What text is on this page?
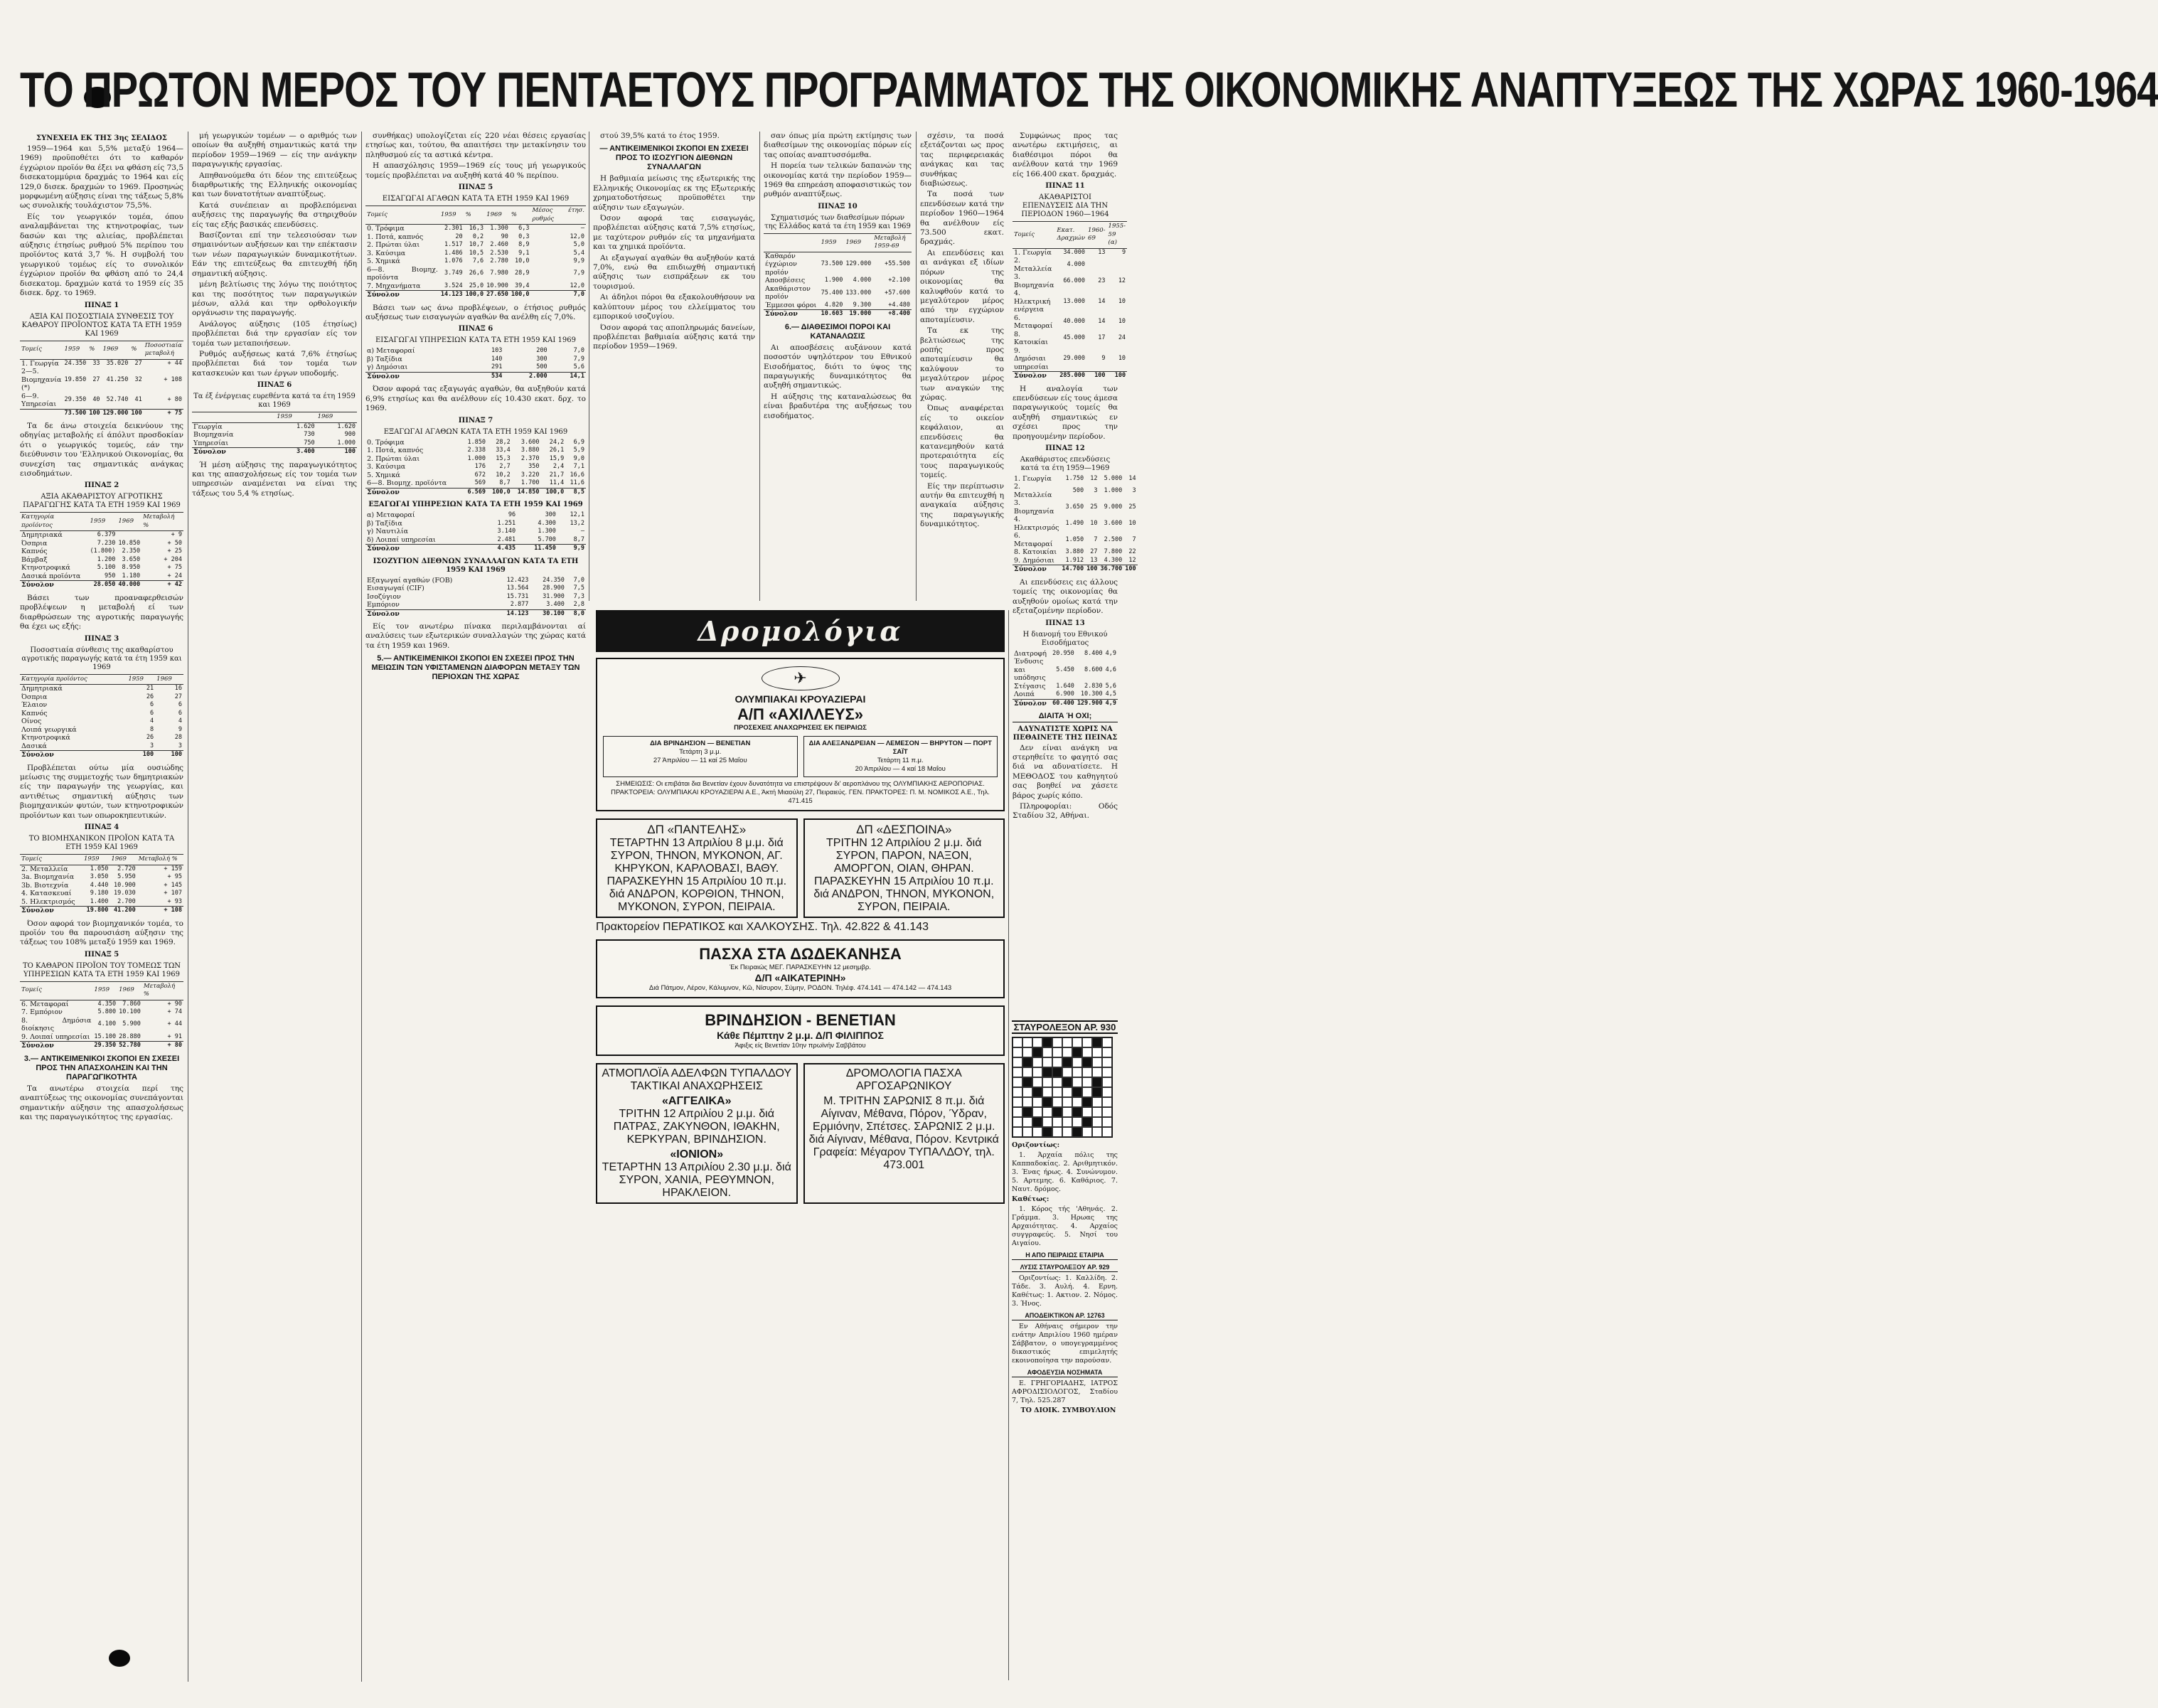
ΤΟ ΠΡΩΤΟΝ ΜΕΡΟΣ ΤΟΥ ΠΕΝΤΑΕΤΟΥΣ ΠΡΟΓΡΑΜΜΑΤΟΣ ΤΗΣ ΟΙΚΟΝΟΜΙΚΗΣ ΑΝΑΠΤΥΞΕΩΣ ΤΗΣ ΧΩΡΑΣ 1960-1964
ΣΥΝΕΧΕΙΑ ΕΚ ΤΗΣ 3ης ΣΕΛΙΔΟΣ

1959—1964 και 5,5% μεταξύ 1964—1969) προϋποθέτει ότι το καθαρόν έγχώριον προϊόν θα έξει να φθάση είς 73,5 δισεκατομμύρια δραχμάς το 1964 και είς 129,0 δισεκ. δραχμών το 1969. Προσηνώς μορφωμένη αύξησις είναι της τάξεως 5,8% ως συνολικής τουλάχιστον 75,5%.

Είς τον γεωργικόν τομέα, όπου αναλαμβάνεται της κτηνοτροφίας, των δασών και της αλιείας, προβλέπεται αύξησις έτησίως ρυθμού 5% περίπου του προϊόντος κατά 3,7 %. Η συμβολή του γεωργικού τομέως είς το συνολικόν έγχώριον προϊόν θα φθάση από το 24,4 δισεκατομ. δραχμών κατά το 1959 είς 35 δισεκ. δρχ. το 1969.

ΠΙΝΑΞ 1
ΑΞΙΑ ΚΑΙ ΠΟΣΟΣΤΙΑΙΑ ΣΥΝΘΕΣΙΣ ΤΟΥ ΚΑΘΑΡΟΥ ΠΡΟΪΟΝΤΟΣ ΚΑΤΑ ΤΑ ΕΤΗ 1959 ΚΑΙ 1969
Τομείς	1959	%	1969	%	Ποσοστιαία μεταβολή
1. Γεωργία	24.350	33	35.020	27	+ 44
2—5. Βιομηχανία (*)	19.850	27	41.250	32	+ 108
6—9. Υπηρεσίαι	29.350	40	52.740	41	+ 80
	73.500	100	129.000	100	+ 75

Τα δε άνω στοιχεία δεικνύουν της οδηγίας μεταβολής εί άπόλυτ προσδοκίαν ότι ο γεωργικός τομεύς, εάν την διεύθυνσιν του 'Ελληνικού Οικονομίας, θα συνεχίση τας σημαντικάς ανάγκας εισοδημάτων.

ΠΙΝΑΞ 2
ΑΞΙΑ ΑΚΑΘΑΡΙΣΤΟΥ ΑΓΡΟΤΙΚΗΣ ΠΑΡΑΓΩΓΗΣ ΚΑΤΑ ΤΑ ΕΤΗ 1959 ΚΑΙ 1969
Κατηγορία προϊόντος	1959	1969	Μεταβολή %
Δημητριακά	6.379		+ 9
Όσπρια	7.230	10.850	+ 50
Καπνός	(1.800)	2.350	+ 25
Βάμβαξ	1.200	3.650	+ 204
Κτηνοτροφικά	5.100	8.950	+ 75
Δασικά προϊόντα	950	1.180	+ 24
Σύνολον	28.050	40.000	+ 42

Βάσει των προαναφερθεισών προβλέψεων η μεταβολή εί των διαρθρώσεων της αγροτικής παραγωγής θα έχει ως εξής:

ΠΙΝΑΞ 3
Ποσοστιαία σύνθεσις της ακαθαρίστου αγροτικής παραγωγής κατά τα έτη 1959 και 1969
Κατηγορία προϊόντος	1959	1969
Δημητριακά	21	16
Όσπρια	26	27
Έλαιον	6	6
Καπνός	6	6
Οίνος	4	4
Λοιπά γεωργικά	8	9
Κτηνοτροφικά	26	28
Δασικά	3	3
Σύνολον	100	100

Προβλέπεται ούτω μία ουσιώδης μείωσις της συμμετοχής των δημητριακών είς την παραγωγήν της γεωργίας, και αντιθέτως σημαντική αύξησις των βιομηχανικών φυτών, των κτηνοτροφικών προϊόντων και των οπωροκηπευτικών.

ΠΙΝΑΞ 4
ΤΟ ΒΙΟΜΗΧΑΝΙΚΟΝ ΠΡΟΪΟΝ ΚΑΤΑ ΤΑ ΕΤΗ 1959 ΚΑΙ 1969
Τομείς	1959	1969	Μεταβολή %
2. Μεταλλεία	1.050	2.720	+ 159
3a. Βιομηχανία	3.050	5.950	+ 95
3b. Βιοτεχνία	4.440	10.900	+ 145
4. Κατασκευαί	9.180	19.030	+ 107
5. Ηλεκτρισμός	1.400	2.700	+ 93
Σύνολον	19.800	41.200	+ 108

Όσον αφορά τον βιομηχανικόν τομέα, το προϊόν του θα παρουσιάση αύξησιν της τάξεως του 108% μεταξύ 1959 και 1969.

ΠΙΝΑΞ 5
ΤΟ ΚΑΘΑΡΟΝ ΠΡΟΪΟΝ ΤΟΥ ΤΟΜΕΩΣ ΤΩΝ ΥΠΗΡΕΣΙΩΝ ΚΑΤΑ ΤΑ ΕΤΗ 1959 ΚΑΙ 1969
Τομείς	1959	1969	Μεταβολή %
6. Μεταφοραί	4.350	7.860	+ 90
7. Εμπόριον	5.800	10.100	+ 74
8. Δημόσια διοίκησις	4.100	5.900	+ 44
9. Λοιπαί υπηρεσίαι	15.100	28.880	+ 91
Σύνολον	29.350	52.780	+ 80
3.— ΑΝΤΙΚΕΙΜΕΝΙΚΟΙ ΣΚΟΠΟΙ ΕΝ ΣΧΕΣΕΙ ΠΡΟΣ ΤΗΝ ΑΠΑΣΧΟΛΗΣΙΝ ΚΑΙ ΤΗΝ ΠΑΡΑΓΩΓΙΚΟΤΗΤΑ

Τα ανωτέρω στοιχεία περί της αναπτύξεως της οικονομίας συνεπάγονται σημαντικήν αύξησιν της απασχολήσεως και της παραγωγικότητος της εργασίας.

μή γεωργικών τομέων — ο αριθμός των οποίων θα αυξηθή σημαντικώς κατά την περίοδον 1959—1969 — είς την ανάγκην παραγωγικής εργασίας.

Απηθανούμεθα ότι δέον της επιτεύξεως διαρθρωτικής της Ελληνικής οικονομίας και των δυνατοτήτων αναπτύξεως.

Κατά συνέπειαν αι προβλεπόμεναι αυξήσεις της παραγωγής θα στηριχθούν είς τας εξής βασικάς επενδύσεις.

Βασίζονται επί την τελεσιούσαν των σημαινόντων αυξήσεων και την επέκτασιν των νέων παραγωγικών δυναμικοτήτων. Εάν της επιτεύξεως θα επιτευχθή ήδη σημαντική αύξησις.

μένη βελτίωσις της λόγω της ποιότητος και της ποσότητος των παραγωγικών μέσων, αλλά και την ορθολογικήν οργάνωσιν της παραγωγής.

Ανάλογος αύξησις (105 έτησίως) προβλέπεται διά την εργασίαν είς τον τομέα των μεταποιήσεων.

Ρυθμός αυξήσεως κατά 7,6% έτησίως προβλέπεται διά τον τομέα των κατασκευών και των έργων υποδομής.

ΠΙΝΑΞ 6
Τα έξ ένέργειας ευρεθέντα κατά τα έτη 1959 και 1969
	1959	1969
Γεωργία	1.620	1.620
Βιομηχανία	730	900
Υπηρεσίαι	750	1.000
Σύνολον	3.400	100

Ή μέση αύξησις της παραγωγικότητος και της απασχολήσεως είς τον τομέα των υπηρεσιών αναμένεται να είναι της τάξεως του 5,4 % ετησίως.

συνθήκας) υπολογίζεται είς 220 νέαι θέσεις εργασίας ετησίως και, τούτου, θα απαιτήσει την μετακίνησιν του πληθυσμού είς τα αστικά κέντρα.

Η απασχόλησις 1959—1969 είς τους μή γεωργικούς τομείς προβλέπεται να αυξηθή κατά 40 % περίπου.

ΠΙΝΑΞ 5
ΕΙΣΑΓΩΓΑΙ ΑΓΑΘΩΝ ΚΑΤΑ ΤΑ ΕΤΗ 1959 ΚΑΙ 1969
Τομείς	1959	%	1969	%	Μέσος έτησ. ρυθμός
0. Τρόφιμα	2.301	16,3	1.300	6,3	—
1. Ποτά, καπνός	20	0,2	90	0,3	12,0
2. Πρώται ύλαι	1.517	10,7	2.460	8,9	5,0
3. Καύσιμα	1.486	10,5	2.530	9,1	5,4
5. Χημικά	1.076	7,6	2.780	10,0	9,9
6—8. Βιομηχ. προϊόντα	3.749	26,6	7.980	28,9	7,9
7. Μηχανήματα	3.524	25,0	10.900	39,4	12,0
Σύνολον	14.123	100,0	27.650	100,0	7,0

Βάσει των ως άνω προβλέψεων, ο έτήσιος ρυθμός αυξήσεως των εισαγωγών αγαθών θα ανέλθη είς 7,0%.

ΠΙΝΑΞ 6
ΕΙΣΑΓΩΓΑΙ ΥΠΗΡΕΣΙΩΝ ΚΑΤΑ ΤΑ ΕΤΗ 1959 ΚΑΙ 1969
α) Μεταφοραί	103	200	7,0
β) Ταξίδια	140	300	7,9
γ) Δημόσιαι	291	500	5,6
Σύνολον	534	2.000	14,1

Όσον αφορά τας εξαγωγάς αγαθών, θα αυξηθούν κατά 6,9% ετησίως και θα ανέλθουν είς 10.430 εκατ. δρχ. το 1969.

ΠΙΝΑΞ 7
ΕΞΑΓΩΓΑΙ ΑΓΑΘΩΝ ΚΑΤΑ ΤΑ ΕΤΗ 1959 ΚΑΙ 1969
0. Τρόφιμα	1.850	28,2	3.600	24,2	6,9
1. Ποτά, καπνός	2.338	33,4	3.880	26,1	5,9
2. Πρώται ύλαι	1.000	15,3	2.370	15,9	9,0
3. Καύσιμα	176	2,7	350	2,4	7,1
5. Χημικά	672	10,2	3.220	21,7	16,6
6—8. Βιομηχ. προϊόντα	569	8,7	1.700	11,4	11,6
Σύνολον	6.569	100,0	14.850	100,0	8,5
ΕΞΑΓΩΓΑΙ ΥΠΗΡΕΣΙΩΝ ΚΑΤΑ ΤΑ ΕΤΗ 1959 ΚΑΙ 1969
α) Μεταφοραί	96	300	12,1
β) Ταξίδια	1.251	4.300	13,2
γ) Ναυτιλία	3.140	1.300	—
δ) Λοιπαί υπηρεσίαι	2.481	5.700	8,7
Σύνολον	4.435	11.450	9,9
ΙΣΟΖΥΓΙΟΝ ΔΙΕΘΝΩΝ ΣΥΝΑΛΛΑΓΩΝ ΚΑΤΑ ΤΑ ΕΤΗ 1959 ΚΑΙ 1969
Εξαγωγαί αγαθών (FOB)	12.423	24.350	7,0
Εισαγωγαί (CIF)	13.564	28.900	7,5
Ισοζύγιον	15.731	31.900	7,3
Εμπόριον	2.877	3.400	2,8
Σύνολον	14.123	30.100	8,0

Είς τον ανωτέρω πίνακα περιλαμβάνονται αί αναλύσεις των εξωτερικών συναλλαγών της χώρας κατά τα έτη 1959 και 1969.

5.— ΑΝΤΙΚΕΙΜΕΝΙΚΟΙ ΣΚΟΠΟΙ ΕΝ ΣΧΕΣΕΙ ΠΡΟΣ ΤΗΝ ΜΕΙΩΣΙΝ ΤΩΝ ΥΦΙΣΤΑΜΕΝΩΝ ΔΙΑΦΟΡΩΝ ΜΕΤΑΞΥ ΤΩΝ ΠΕΡΙΟΧΩΝ ΤΗΣ ΧΩΡΑΣ

στού 39,5% κατά το έτος 1959.

— ΑΝΤΙΚΕΙΜΕΝΙΚΟΙ ΣΚΟΠΟΙ ΕΝ ΣΧΕΣΕΙ ΠΡΟΣ ΤΟ ΙΣΟΖΥΓΙΟΝ ΔΙΕΘΝΩΝ ΣΥΝΑΛΛΑΓΩΝ

Η βαθμιαία μείωσις της εξωτερικής της Ελληνικής Οικονομίας εκ της Εξωτερικής χρηματοδοτήσεως προϋποθέτει την αύξησιν των εξαγωγών.

Όσον αφορά τας εισαγωγάς, προβλέπεται αύξησις κατά 7,5% ετησίως, με ταχύτερον ρυθμόν είς τα μηχανήματα και τα χημικά προϊόντα.

Αι εξαγωγαί αγαθών θα αυξηθούν κατά 7,0%, ενώ θα επιδιωχθή σημαντική αύξησις των εισπράξεων εκ του τουρισμού.

Αι άδηλοι πόροι θα εξακολουθήσουν να καλύπτουν μέρος του ελλείμματος του εμπορικού ισοζυγίου.

Όσον αφορά τας αποπληρωμάς δανείων, προβλέπεται βαθμιαία αύξησις κατά την περίοδον 1959—1969.

σαν όπως μία πρώτη εκτίμησις των διαθεσίμων της οικονομίας πόρων είς τας οποίας αναπτυσσόμεθα.

Η πορεία των τελικών δαπανών της οικονομίας κατά την περίοδον 1959—1969 θα επηρεάση αποφασιστικώς τον ρυθμόν αναπτύξεως.

ΠΙΝΑΞ 10
Σχηματισμός των διαθεσίμων πόρων της Ελλάδος κατά τα έτη 1959 και 1969
	1959	1969	Μεταβολή 1959-69
Καθαρόν έγχώριον προϊόν	73.500	129.000	+55.500
Αποσβέσεις	1.900	4.000	+2.100
Ακαθάριστον προϊόν	75.400	133.000	+57.600
Έμμεσοι φόροι	4.820	9.300	+4.480
Σύνολον	10.603	19.000	+8.400
6.— ΔΙΑΘΕΣΙΜΟΙ ΠΟΡΟΙ ΚΑΙ ΚΑΤΑΝΑΛΩΣΙΣ

Αι αποσβέσεις αυξάνουν κατά ποσοστόν υψηλότερον του Εθνικού Εισοδήματος, διότι το ύψος της παραγωγικής δυναμικότητος θα αυξηθή σημαντικώς.

Η αύξησις της καταναλώσεως θα είναι βραδυτέρα της αυξήσεως του εισοδήματος.

σχέσιν, τα ποσά εξετάζονται ως προς τας περιφερειακάς ανάγκας και τας συνθήκας διαβιώσεως.

Τα ποσά των επενδύσεων κατά την περίοδον 1960—1964 θα ανέλθουν είς 73.500 εκατ. δραχμάς.

Αι επενδύσεις και αι ανάγκαι εξ ιδίων πόρων της οικονομίας θα καλυφθούν κατά το μεγαλύτερον μέρος από την εγχώριον αποταμίευσιν.

Τα εκ της βελτιώσεως της ροπής προς αποταμίευσιν θα καλύψουν το μεγαλύτερον μέρος των αναγκών της χώρας.

Όπως αναφέρεται είς το οικείον κεφάλαιον, αι επενδύσεις θα κατανεμηθούν κατά προτεραιότητα είς τους παραγωγικούς τομείς.

Είς την περίπτωσιν αυτήν θα επιτευχθή η αναγκαία αύξησις της παραγωγικής δυναμικότητος.

Συμφώνως προς τας ανωτέρω εκτιμήσεις, αι διαθέσιμοι πόροι θα ανέλθουν κατά την 1969 είς 166.400 εκατ. δραχμάς.

ΠΙΝΑΞ 11
ΑΚΑΘΑΡΙΣΤΟΙ ΕΠΕΝΔΥΣΕΙΣ ΔΙΑ ΤΗΝ ΠΕΡΙΟΔΟΝ 1960—1964
Τομείς	Εκατ. Δραχμών	1960-69	1955-59 (α)
1. Γεωργία	34.000	13	9
2. Μεταλλεία	4.000		
3. Βιομηχανία	66.000	23	12
4. Ηλεκτρική ενέργεια	13.000	14	10
6. Μεταφοραί	40.000	14	10
8. Κατοικίαι	45.000	17	24
9. Δημόσιαι υπηρεσίαι	29.000	9	10
Σύνολον	285.000	100	100

Η αναλογία των επενδύσεων είς τους άμεσα παραγωγικούς τομείς θα αυξηθή σημαντικώς εν σχέσει προς την προηγουμένην περίοδον.

ΠΙΝΑΞ 12
Ακαθάριστος επενδύσεις κατά τα έτη 1959—1969
1. Γεωργία	1.750	12	5.000	14
2. Μεταλλεία	500	3	1.000	3
3. Βιομηχανία	3.650	25	9.000	25
4. Ηλεκτρισμός	1.490	10	3.600	10
6. Μεταφοραί	1.050	7	2.500	7
8. Κατοικίαι	3.880	27	7.800	22
9. Δημόσιαι	1.912	13	4.300	12
Σύνολον	14.700	100	36.700	100

Αι επενδύσεις εις άλλους τομείς της οικονομίας θα αυξηθούν ομοίως κατά την εξεταζομένην περίοδον.

ΠΙΝΑΞ 13
Η διανομή του Εθνικού Εισοδήματος
Διατροφή	20.950	8.400	4,9
Ένδυσις και υπόδησις	5.450	8.600	4,6
Στέγασις	1.640	2.830	5,6
Λοιπά	6.900	10.300	4,5
Σύνολον	60.400	129.900	4,9
ΔΙΑΙΤΑ Ή ΟΧΙ;
ΑΔΥΝΑΤΙΣΤΕ ΧΩΡΙΣ ΝΑ ΠΕΘΑΙΝΕΤΕ ΤΗΣ ΠΕΙΝΑΣ

Δεν είναι ανάγκη να στερηθείτε το φαγητό σας διά να αδυνατίσετε. Η ΜΕΘΟΔΟΣ του καθηγητού σας βοηθεί να χάσετε βάρος χωρίς κόπο.

Πληροφορίαι: Οδός Σταδίου 32, Αθήναι.

Δρομολόγια
✈
ΟΛΥΜΠΙΑΚΑΙ ΚΡΟΥΑΖΙΕΡΑΙ
Α/Π «ΑΧΙΛΛΕΥΣ»
ΠΡΟΣΕΧΕΙΣ ΑΝΑΧΩΡΗΣΕΙΣ ΕΚ ΠΕΙΡΑΙΩΣ
ΔΙΑ ΒΡΙΝΔΗΣΙΟΝ — ΒΕΝΕΤΙΑΝ
Τετάρτη 3 μ.μ.
27 Άπριλίου — 11 καί 25 Μαΐου
ΔΙΑ ΑΛΕΞΑΝΔΡΕΙΑΝ — ΛΕΜΕΣΟΝ — ΒΗΡΥΤΟΝ — ΠΟΡΤ ΣΑΪΤ
Τετάρτη 11 π.μ.
20 Άπριλίου — 4 καί 18 Μαΐου
ΣΗΜΕΙΩΣΙΣ: Οι επιβάται δια Βενετίαν έχουν δυνατότητα να επιστρέψουν δι' αεροπλάνου της ΟΛΥΜΠΙΑΚΗΣ ΑΕΡΟΠΟΡΙΑΣ.
ΠΡΑΚΤΟΡΕΙΑ: ΟΛΥΜΠΙΑΚΑΙ ΚΡΟΥΑΖΙΕΡΑΙ Α.Ε., Άκτή Μιαούλη 27, Πειραιεύς. ΓΕΝ. ΠΡΑΚΤΟΡΕΣ: Π. Μ. ΝΟΜΙΚΟΣ Α.Ε., Τηλ. 471.415
ΔΠ «ΠΑΝΤΕΛΗΣ»
ΤΕΤΑΡΤΗΝ 13 Απριλίου 8 μ.μ. διά ΣΥΡΟΝ, ΤΗΝΟΝ, ΜΥΚΟΝΟΝ, ΑΓ. ΚΗΡΥΚΟΝ, ΚΑΡΛΟΒΑΣΙ, ΒΑΘΥ. ΠΑΡΑΣΚΕΥΗΝ 15 Απριλίου 10 π.μ. διά ΑΝΔΡΟΝ, ΚΟΡΘΙΟΝ, ΤΗΝΟΝ, ΜΥΚΟΝΟΝ, ΣΥΡΟΝ, ΠΕΙΡΑΙΑ.
ΔΠ «ΔΕΣΠΟΙΝΑ»
ΤΡΙΤΗΝ 12 Απριλίου 2 μ.μ. διά ΣΥΡΟΝ, ΠΑΡΟΝ, ΝΑΞΟΝ, ΑΜΟΡΓΟΝ, ΟΙΑΝ, ΘΗΡΑΝ. ΠΑΡΑΣΚΕΥΗΝ 15 Απριλίου 10 π.μ. διά ΑΝΔΡΟΝ, ΤΗΝΟΝ, ΜΥΚΟΝΟΝ, ΣΥΡΟΝ, ΠΕΙΡΑΙΑ.
Πρακτορείον ΠΕΡΑΤΙΚΟΣ και ΧΑΛΚΟΥΣΗΣ. Τηλ. 42.822 & 41.143
ΠΑΣΧΑ ΣΤΑ ΔΩΔΕΚΑΝΗΣΑ
Έκ Πειραιώς ΜΕΓ. ΠΑΡΑΣΚΕΥΗΝ 12 μεσημβρ.
Δ/Π «ΑΙΚΑΤΕΡΙΝΗ»
Διά Πάτμον, Λέρον, Κάλυμνον, Κῶ, Νίσυρον, Σύμην, ΡΟΔΟΝ. Τηλέφ. 474.141 — 474.142 — 474.143
ΒΡΙΝΔΗΣΙΟΝ - ΒΕΝΕΤΙΑΝ
Κάθε Πέμπτην 2 μ.μ. Δ/Π ΦΙΛΙΠΠΟΣ
Άφιξις είς Βενετίαν 10ην πρωϊνήν Σαββάτου
ΑΤΜΟΠΛΟΪΑ ΑΔΕΛΦΩΝ ΤΥΠΑΛΔΟΥ
ΤΑΚΤΙΚΑΙ ΑΝΑΧΩΡΗΣΕΙΣ
«ΑΓΓΕΛΙΚΑ»
ΤΡΙΤΗΝ 12 Απριλίου 2 μ.μ. διά ΠΑΤΡΑΣ, ΖΑΚΥΝΘΟΝ, ΙΘΑΚΗΝ, ΚΕΡΚΥΡΑΝ, ΒΡΙΝΔΗΣΙΟΝ.
«ΙΟΝΙΟΝ»
ΤΕΤΑΡΤΗΝ 13 Απριλίου 2.30 μ.μ. διά ΣΥΡΟΝ, ΧΑΝΙΑ, ΡΕΘΥΜΝΟΝ, ΗΡΑΚΛΕΙΟΝ.
ΔΡΟΜΟΛΟΓΙΑ ΠΑΣΧΑ ΑΡΓΟΣΑΡΩΝΙΚΟΥ
Μ. ΤΡΙΤΗΝ ΣΑΡΩΝΙΣ 8 π.μ. διά Αίγιναν, Μέθανα, Πόρον, Ύδραν, Ερμιόνην, Σπέτσες. ΣΑΡΩΝΙΣ 2 μ.μ. διά Αίγιναν, Μέθανα, Πόρον. Κεντρικά Γραφεία: Μέγαρον ΤΥΠΑΛΔΟΥ, τηλ. 473.001
ΣΤΑΥΡΟΛΕΞΟΝ ΑΡ. 930

Οριζοντίως:

1. Άρχαία πόλις της Καππαδοκίας. 2. Αριθμητικόν. 3. Ένας ήρως. 4. Συνώνυμον. 5. Αρτεμης. 6. Καθάριος. 7. Ναυτ. δρόμος.

Καθέτως:

1. Κόρος τής 'Αθηνάς. 2. Γράμμα. 3. Ηρωας της Αρχαιότητας. 4. Αρχαίος συγγραφεύς. 5. Νησί του Αιγαίου.

Η ΑΠΟ ΠΕΙΡΑΙΩΣ ΕΤΑΙΡΙΑ
ΛΥΣΙΣ ΣΤΑΥΡΟΛΕΞΟΥ ΑΡ. 929

Οριζοντίως: 1. Καλλίδη. 2. Τάδε. 3. Αυλή. 4. Ερνη. Καθέτως: 1. Ακτιον. 2. Νόμος. 3. Ήνος.

ΑΠΟΔΕΙΚΤΙΚΟΝ ΑΡ. 12763

Εν Αθήναις σήμερον την ενάτην Απριλίου 1960 ημέραν Σάββατον, ο υπογεγραμμένος δικαστικός επιμελητής εκοινοποίησα την παρούσαν.

ΑΦΟΔΕΥΣΙΑ ΝΟΣΗΜΑΤΑ

Ε. ΓΡΗΓΟΡΙΑΔΗΣ, ΙΑΤΡΟΣ ΑΦΡΟΔΙΣΙΟΛΟΓΟΣ, Σταδίου 7, Τηλ. 525.287

ΤΟ ΔΙΟΙΚ. ΣΥΜΒΟΥΛΙΟΝ
